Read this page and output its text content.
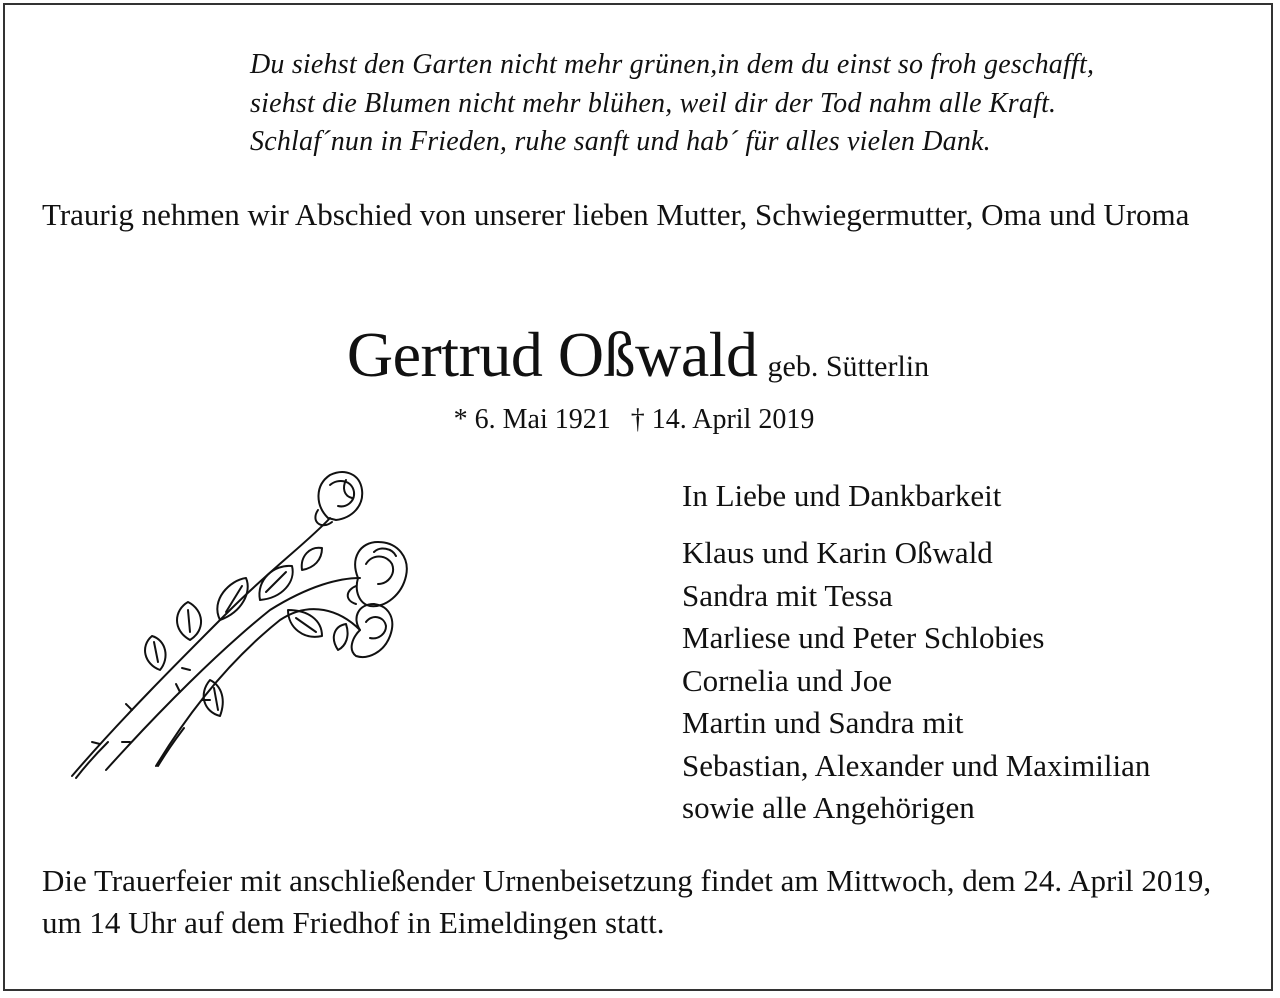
Du siehst den Garten nicht mehr grünen,in dem du einst so froh geschafft,
siehst die Blumen nicht mehr blühen, weil dir der Tod nahm alle Kraft.
Schlaf´nun in Frieden, ruhe sanft und hab´ für alles vielen Dank.
Traurig nehmen wir Abschied von unserer lieben Mutter, Schwiegermutter, Oma und Uroma
Gertrud Oßwald geb. Sütterlin
* 6. Mai 1921 † 14. April 2019
In Liebe und Dankbarkeit
Klaus und Karin Oßwald
Sandra mit Tessa
Marliese und Peter Schlobies
Cornelia und Joe
Martin und Sandra mit
Sebastian, Alexander und Maximilian
sowie alle Angehörigen
Die Trauerfeier mit anschließender Urnenbeisetzung findet am Mittwoch, dem 24. April 2019, um 14 Uhr auf dem Friedhof in Eimeldingen statt.
